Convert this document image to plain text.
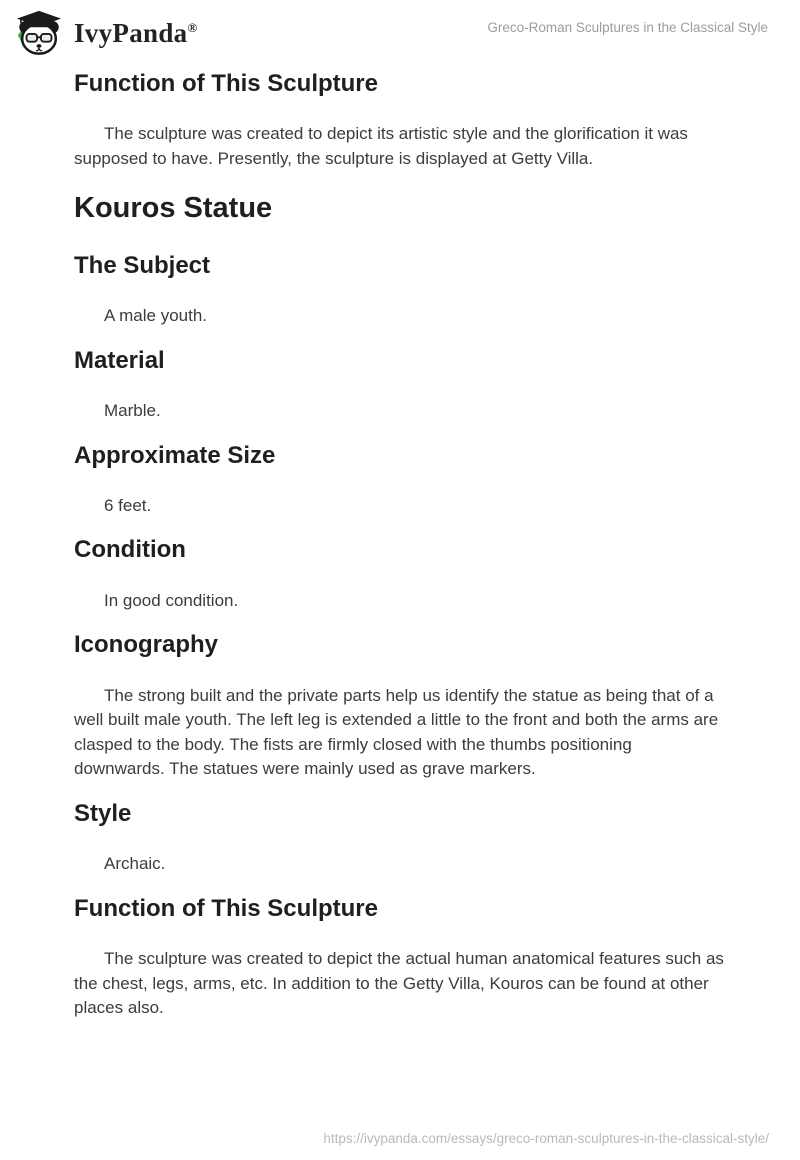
IvyPanda®	Greco-Roman Sculptures in the Classical Style
Function of This Sculpture

The sculpture was created to depict its artistic style and the glorification it was supposed to have. Presently, the sculpture is displayed at Getty Villa.

Kouros Statue
The Subject

A male youth.

Material

Marble.

Approximate Size

6 feet.

Condition

In good condition.

Iconography

The strong built and the private parts help us identify the statue as being that of a well built male youth. The left leg is extended a little to the front and both the arms are clasped to the body. The fists are firmly closed with the thumbs positioning downwards. The statues were mainly used as grave markers.

Style

Archaic.

Function of This Sculpture

The sculpture was created to depict the actual human anatomical features such as the chest, legs, arms, etc. In addition to the Getty Villa, Kouros can be found at other places also.

https://ivypanda.com/essays/greco-roman-sculptures-in-the-classical-style/
